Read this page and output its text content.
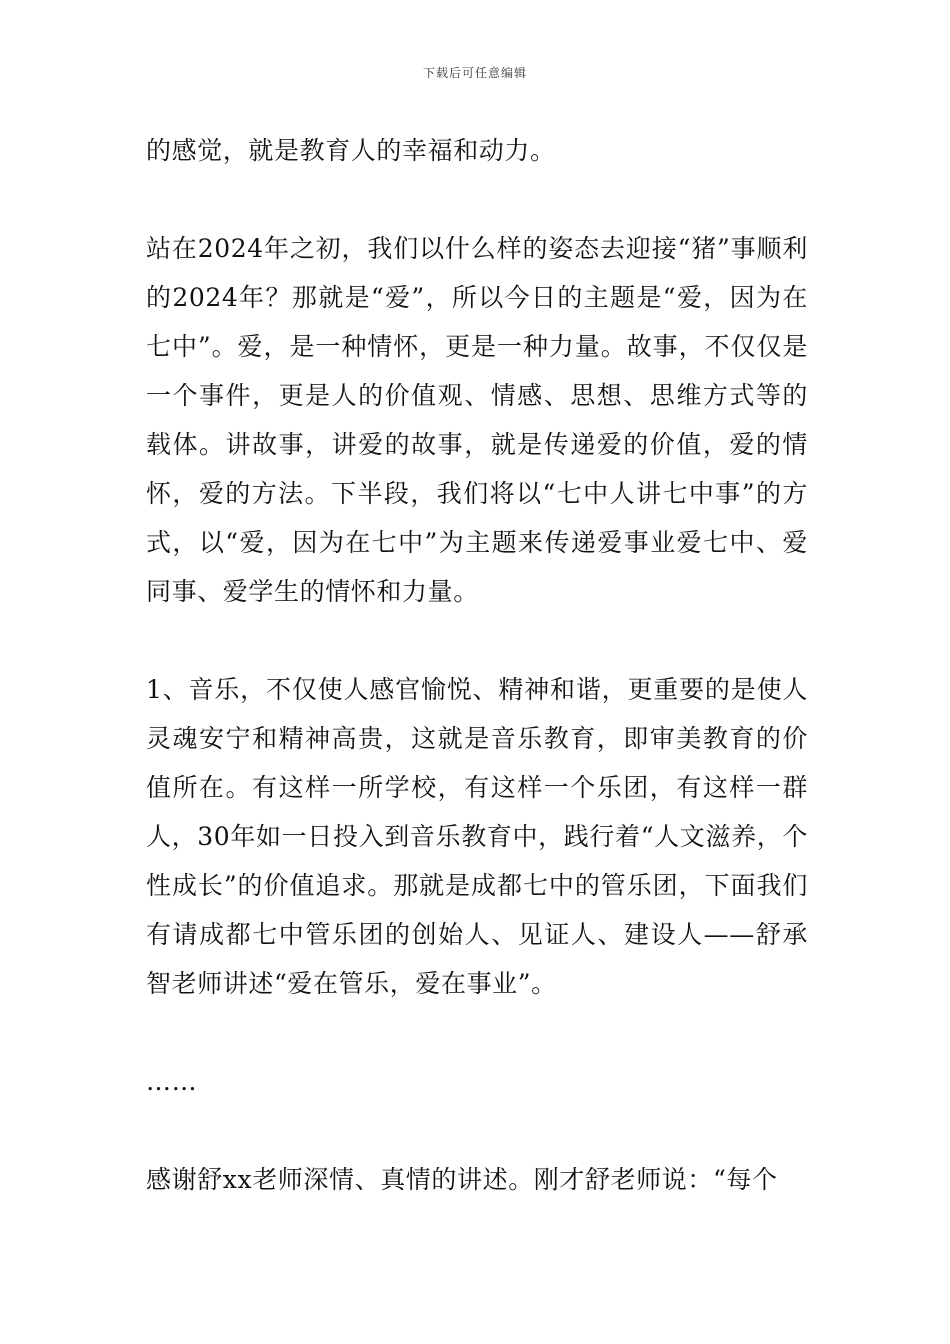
下载后可任意编辑

的感觉，就是教育人的幸福和动力。

站在2024年之初，我们以什么样的姿态去迎接“猪”事顺利的2024年？那就是“爱”，所以今日的主题是“爱，因为在七中”。爱，是一种情怀，更是一种力量。故事，不仅仅是一个事件，更是人的价值观、情感、思想、思维方式等的载体。讲故事，讲爱的故事，就是传递爱的价值，爱的情怀，爱的方法。下半段，我们将以“七中人讲七中事”的方式，以“爱，因为在七中”为主题来传递爱事业爱七中、爱同事、爱学生的情怀和力量。

1、音乐，不仅使人感官愉悦、精神和谐，更重要的是使人灵魂安宁和精神高贵，这就是音乐教育，即审美教育的价值所在。有这样一所学校，有这样一个乐团，有这样一群人，30年如一日投入到音乐教育中，践行着“人文滋养，个性成长”的价值追求。那就是成都七中的管乐团，下面我们有请成都七中管乐团的创始人、见证人、建设人——舒承智老师讲述“爱在管乐，爱在事业”。

……

感谢舒xx老师深情、真情的讲述。刚才舒老师说：“每个
